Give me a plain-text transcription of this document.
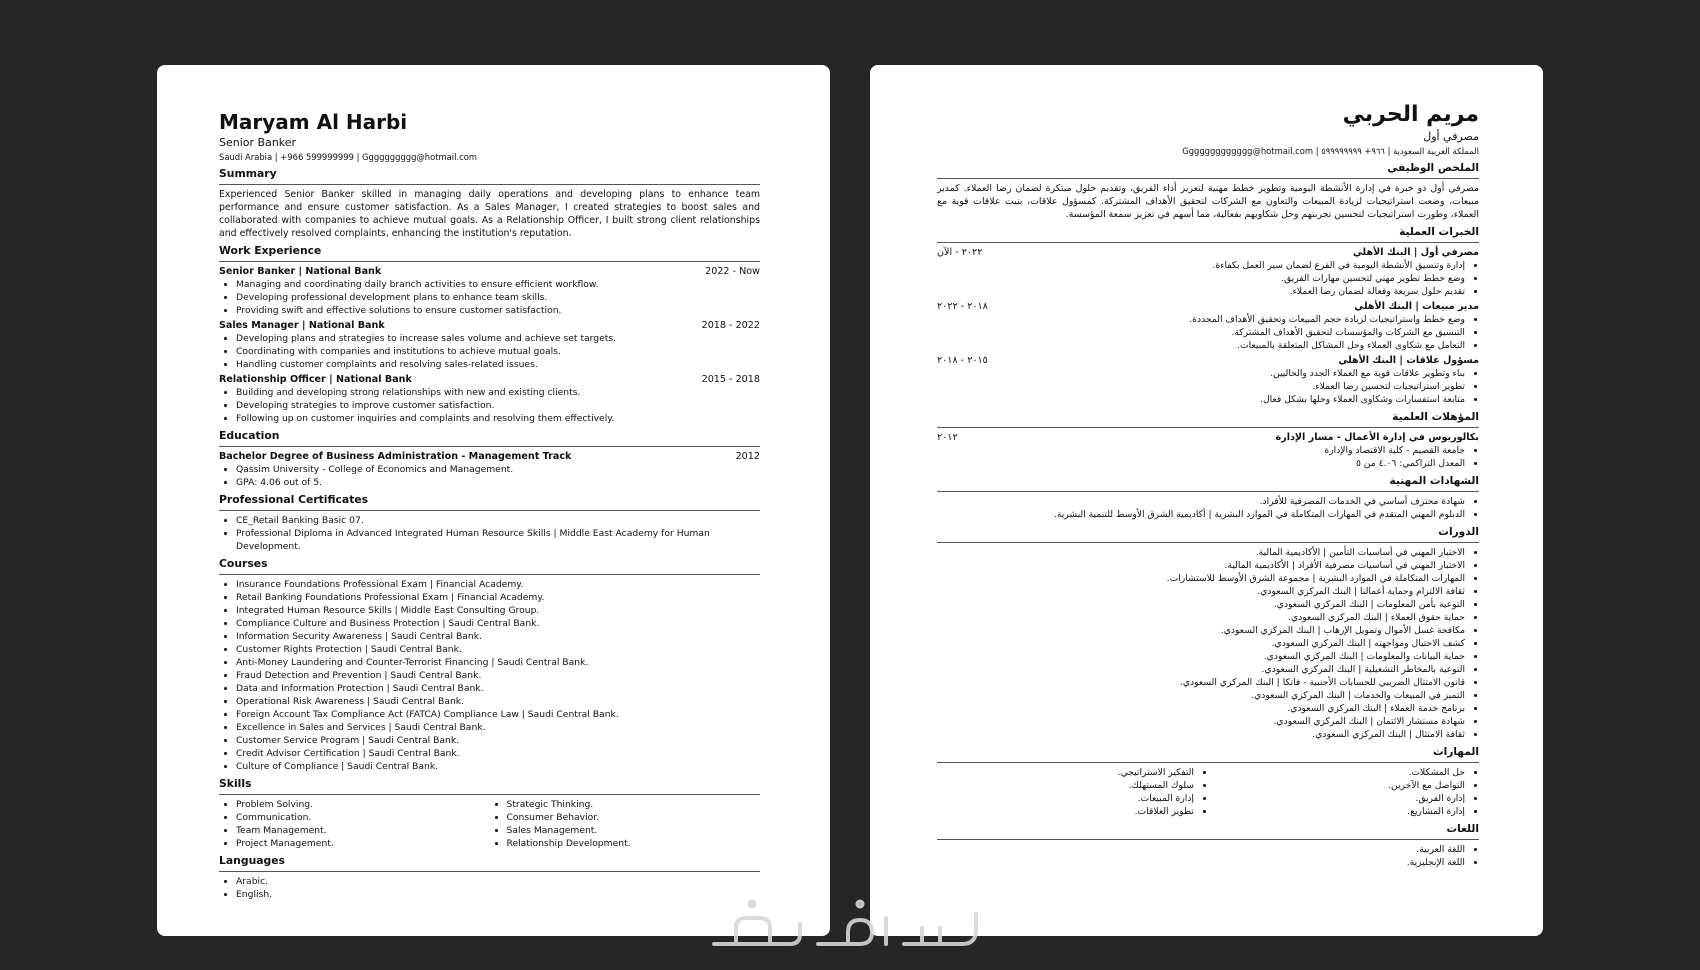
Maryam Al Harbi
Senior Banker
Saudi Arabia | +966 599999999 | Gggggggggg@hotmail.com
Summary
Experienced Senior Banker skilled in managing daily operations and developing plans to enhance team performance and ensure customer satisfaction. As a Sales Manager, I created strategies to boost sales and collaborated with companies to achieve mutual goals. As a Relationship Officer, I built strong client relationships and effectively resolved complaints, enhancing the institution's reputation.
Work Experience
Senior Banker | National Bank	2022 - Now
• Managing and coordinating daily branch activities to ensure efficient workflow.
• Developing professional development plans to enhance team skills.
• Providing swift and effective solutions to ensure customer satisfaction.
Sales Manager | National Bank	2018 - 2022
• Developing plans and strategies to increase sales volume and achieve set targets.
• Coordinating with companies and institutions to achieve mutual goals.
• Handling customer complaints and resolving sales-related issues.
Relationship Officer | National Bank	2015 - 2018
• Building and developing strong relationships with new and existing clients.
• Developing strategies to improve customer satisfaction.
• Following up on customer inquiries and complaints and resolving them effectively.
Education
Bachelor Degree of Business Administration - Management Track	2012
• Qassim University - College of Economics and Management.
• GPA: 4.06 out of 5.
Professional Certificates
• CE_Retail Banking Basic 07.
• Professional Diploma in Advanced Integrated Human Resource Skills | Middle East Academy for Human Development.
Courses
• Insurance Foundations Professional Exam | Financial Academy.
• Retail Banking Foundations Professional Exam | Financial Academy.
• Integrated Human Resource Skills | Middle East Consulting Group.
• Compliance Culture and Business Protection | Saudi Central Bank.
• Information Security Awareness | Saudi Central Bank.
• Customer Rights Protection | Saudi Central Bank.
• Anti-Money Laundering and Counter-Terrorist Financing | Saudi Central Bank.
• Fraud Detection and Prevention | Saudi Central Bank.
• Data and Information Protection | Saudi Central Bank.
• Operational Risk Awareness | Saudi Central Bank.
• Foreign Account Tax Compliance Act (FATCA) Compliance Law | Saudi Central Bank.
• Excellence in Sales and Services | Saudi Central Bank.
• Customer Service Program | Saudi Central Bank.
• Credit Advisor Certification | Saudi Central Bank.
• Culture of Compliance | Saudi Central Bank.
Skills
• Problem Solving.
• Communication.
• Team Management.
• Project Management.
• Strategic Thinking.
• Consumer Behavior.
• Sales Management.
• Relationship Development.
Languages
• Arabic.
• English.
مريم الحربي
مصرفي أول
المملكة العربية السعودية | ٩٦٦+ ٥٩٩٩٩٩٩٩٩ | Ggggggggggggg@hotmail.com
الملخص الوظيفي
مصرفي أول ذو خبرة في إدارة الأنشطة اليومية وتطوير خطط مهنية لتعزيز أداء الفريق، وتقديم حلول مبتكرة لضمان رضا العملاء. كمدير مبيعات، وضعت استراتيجيات لزيادة المبيعات والتعاون مع الشركات لتحقيق الأهداف المشتركة. كمسؤول علاقات، بنيت علاقات قوية مع العملاء، وطورت استراتيجيات لتحسين تجربتهم وحل شكاويهم بفعالية، مما أسهم في تعزيز سمعة المؤسسة.
الخبرات العملية
مصرفي أول | البنك الأهلي
٢٠٢٢ - الآن
• إدارة وتنسيق الأنشطة اليومية في الفرع لضمان سير العمل بكفاءة.
• وضع خطط تطوير مهني لتحسين مهارات الفريق.
• تقديم حلول سريعة وفعالة لضمان رضا العملاء.
مدير مبيعات | البنك الأهلي
٢٠١٨ - ٢٠٢٢
• وضع خطط واستراتيجيات لزيادة حجم المبيعات وتحقيق الأهداف المحددة.
• التنسيق مع الشركات والمؤسسات لتحقيق الأهداف المشتركة.
• التعامل مع شكاوى العملاء وحل المشاكل المتعلقة بالمبيعات.
مسؤول علاقات | البنك الأهلي
٢٠١٥ - ٢٠١٨
• بناء وتطوير علاقات قوية مع العملاء الجدد والحاليين.
• تطوير استراتيجيات لتحسين رضا العملاء.
• متابعة استفسارات وشكاوى العملاء وحلها بشكل فعال.
المؤهلات العلمية
بكالوريوس في إدارة الأعمال - مسار الإدارة
٢٠١٢
• جامعة القصيم - كلية الاقتصاد والإدارة
• المعدل التراكمي: ٤.٠٦ من ٥
الشهادات المهنية
• شهادة محترف أساسي في الخدمات المصرفية للأفراد.
• الدبلوم المهني المتقدم في المهارات المتكاملة في الموارد البشرية | أكاديمية الشرق الأوسط للتنمية البشرية.
الدورات
• الاختبار المهني في أساسيات التأمين | الأكاديمية المالية.
• الاختبار المهني في أساسيات مصرفية الأفراد | الأكاديمية المالية.
• المهارات المتكاملة في الموارد البشرية | مجموعة الشرق الأوسط للاستشارات.
• ثقافة الالتزام وحماية أعمالنا | البنك المركزي السعودي.
• التوعية بأمن المعلومات | البنك المركزي السعودي.
• حماية حقوق العملاء | البنك المركزي السعودي.
• مكافحة غسل الأموال وتمويل الإرهاب | البنك المركزي السعودي.
• كشف الاحتيال ومواجهته | البنك المركزي السعودي.
• حماية البيانات والمعلومات | البنك المركزي السعودي.
• التوعية بالمخاطر التشغيلية | البنك المركزي السعودي.
• قانون الامتثال الضريبي للحسابات الأجنبية - فاتكا | البنك المركزي السعودي.
• التميز في المبيعات والخدمات | البنك المركزي السعودي.
• برنامج خدمة العملاء | البنك المركزي السعودي.
• شهادة مستشار الائتمان | البنك المركزي السعودي.
• ثقافة الامتثال | البنك المركزي السعودي.
المهارات
• حل المشكلات.
• التواصل مع الآخرين.
• إدارة الفريق.
• إدارة المشاريع.
• التفكير الاستراتيجي.
• سلوك المستهلك.
• إدارة المبيعات.
• تطوير العلاقات.
اللغات
• اللغة العربية.
• اللغة الإنجليزية.
